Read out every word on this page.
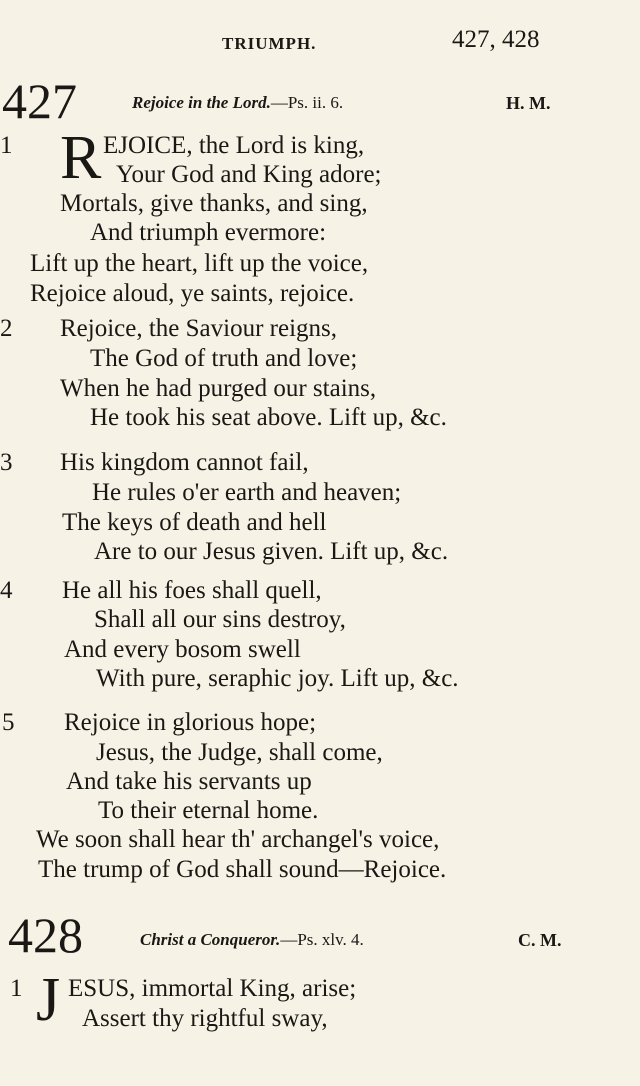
TRIUMPH.	427, 428
427	Rejoice in the Lord.—Ps. ii. 6.	H. M.
1 R EJOICE, the Lord is king,
Your God and King adore;
Mortals, give thanks, and sing,
And triumph evermore:
Lift up the heart, lift up the voice,
Rejoice aloud, ye saints, rejoice.
2 Rejoice, the Saviour reigns,
The God of truth and love;
When he had purged our stains,
He took his seat above. Lift up, &c.
3 His kingdom cannot fail,
He rules o'er earth and heaven;
The keys of death and hell
Are to our Jesus given. Lift up, &c.
4 He all his foes shall quell,
Shall all our sins destroy,
And every bosom swell
With pure, seraphic joy. Lift up, &c.
5 Rejoice in glorious hope;
Jesus, the Judge, shall come,
And take his servants up
To their eternal home.
We soon shall hear th' archangel's voice,
The trump of God shall sound—Rejoice.
428	Christ a Conqueror.—Ps. xlv. 4.	C. M.
1 J ESUS, immortal King, arise;
Assert thy rightful sway,
